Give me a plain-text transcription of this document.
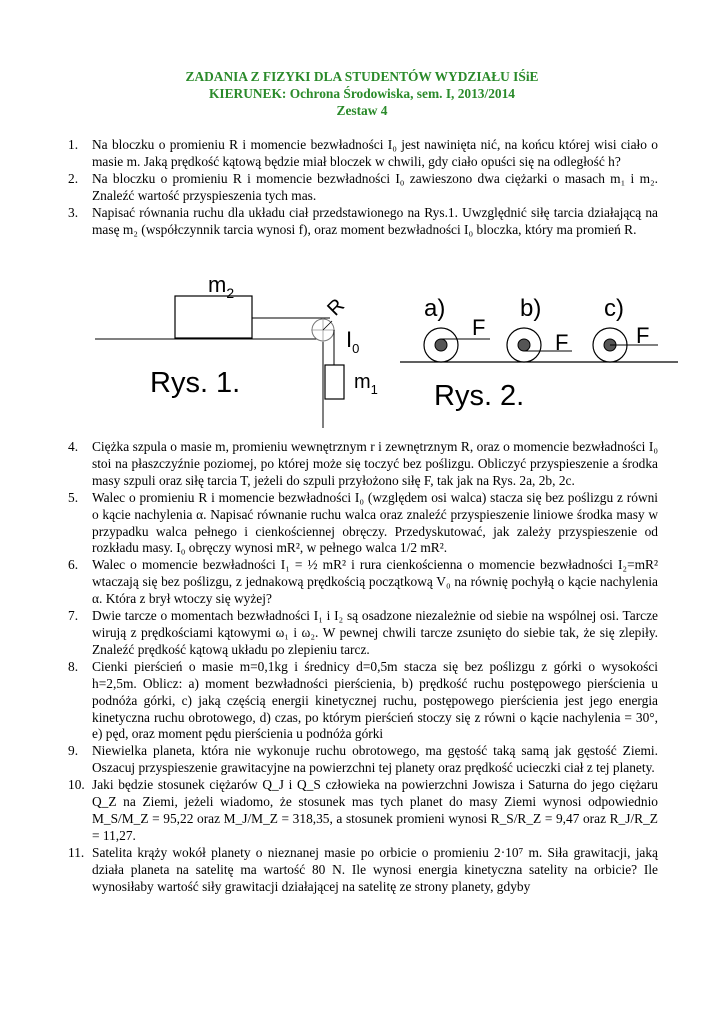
ZADANIA Z FIZYKI DLA STUDENTÓW WYDZIAŁU IŚiE
KIERUNEK: Ochrona Środowiska, sem. I, 2013/2014
Zestaw 4
1. Na bloczku o promieniu R i momencie bezwładności I₀ jest nawinięta nić, na końcu której wisi ciało o masie m. Jaką prędkość kątową będzie miał bloczek w chwili, gdy ciało opuści się na odległość h?
2. Na bloczku o promieniu R i momencie bezwładności I₀ zawieszono dwa ciężarki o masach m₁ i m₂. Znaleźć wartość przyspieszenia tych mas.
3. Napisać równania ruchu dla układu ciał przedstawionego na Rys.1. Uwzględnić siłę tarcia działającą na masę m₂ (współczynnik tarcia wynosi f), oraz moment bezwładności I₀ bloczka, który ma promień R.
$m_2$
R
$I_0$
$m_1$
Rys. 1.
a)	b)	c)
F
F	F
Rys. 2.
4. Ciężka szpula o masie m, promieniu wewnętrznym r i zewnętrznym R, oraz o momencie bezwładności I₀ stoi na płaszczyźnie poziomej, po której może się toczyć bez poślizgu. Obliczyć przyspieszenie a środka masy szpuli oraz siłę tarcia T, jeżeli do szpuli przyłożono siłę F, tak jak na Rys. 2a, 2b, 2c.
5. Walec o promieniu R i momencie bezwładności I₀ (względem osi walca) stacza się bez poślizgu z równi o kącie nachylenia α. Napisać równanie ruchu walca oraz znaleźć przyspieszenie liniowe środka masy w przypadku walca pełnego i cienkościennej obręczy. Przedyskutować, jak zależy przyspieszenie od rozkładu masy. I₀ obręczy wynosi mR², w pełnego walca 1/2 mR².
6. Walec o momencie bezwładności I₁ = ½ mR² i rura cienkościenna o momencie bezwładności I₂=mR² wtaczają się bez poślizgu, z jednakową prędkością początkową V₀ na równię pochyłą o kącie nachylenia α. Która z brył wtoczy się wyżej?
7. Dwie tarcze o momentach bezwładności I₁ i I₂ są osadzone niezależnie od siebie na wspólnej osi. Tarcze wirują z prędkościami kątowymi ω₁ i ω₂. W pewnej chwili tarcze zsunięto do siebie tak, że się zlepiły. Znaleźć prędkość kątową układu po zlepieniu tarcz.
8. Cienki pierścień o masie m=0,1kg i średnicy d=0,5m stacza się bez poślizgu z górki o wysokości h=2,5m. Oblicz: a) moment bezwładności pierścienia, b) prędkość ruchu postępowego pierścienia u podnóża górki, c) jaką częścią energii kinetycznej ruchu, postępowego pierścienia jest jego energia kinetyczna ruchu obrotowego, d) czas, po którym pierścień stoczy się z równi o kącie nachylenia = 30°, e) pęd, oraz moment pędu pierścienia u podnóża górki
9. Niewielka planeta, która nie wykonuje ruchu obrotowego, ma gęstość taką samą jak gęstość Ziemi. Oszacuj przyspieszenie grawitacyjne na powierzchni tej planety oraz prędkość ucieczki ciał z tej planety.
10. Jaki będzie stosunek ciężarów Q_J i Q_S człowieka na powierzchni Jowisza i Saturna do jego ciężaru Q_Z na Ziemi, jeżeli wiadomo, że stosunek mas tych planet do masy Ziemi wynosi odpowiednio M_S/M_Z = 95,22 oraz M_J/M_Z = 318,35, a stosunek promieni wynosi R_S/R_Z = 9,47 oraz R_J/R_Z = 11,27.
11. Satelita krąży wokół planety o nieznanej masie po orbicie o promieniu 2·10⁷ m. Siła grawitacji, jaką działa planeta na satelitę ma wartość 80 N. Ile wynosi energia kinetyczna satelity na orbicie? Ile wynosiłaby wartość siły grawitacji działającej na satelitę ze strony planety, gdyby
